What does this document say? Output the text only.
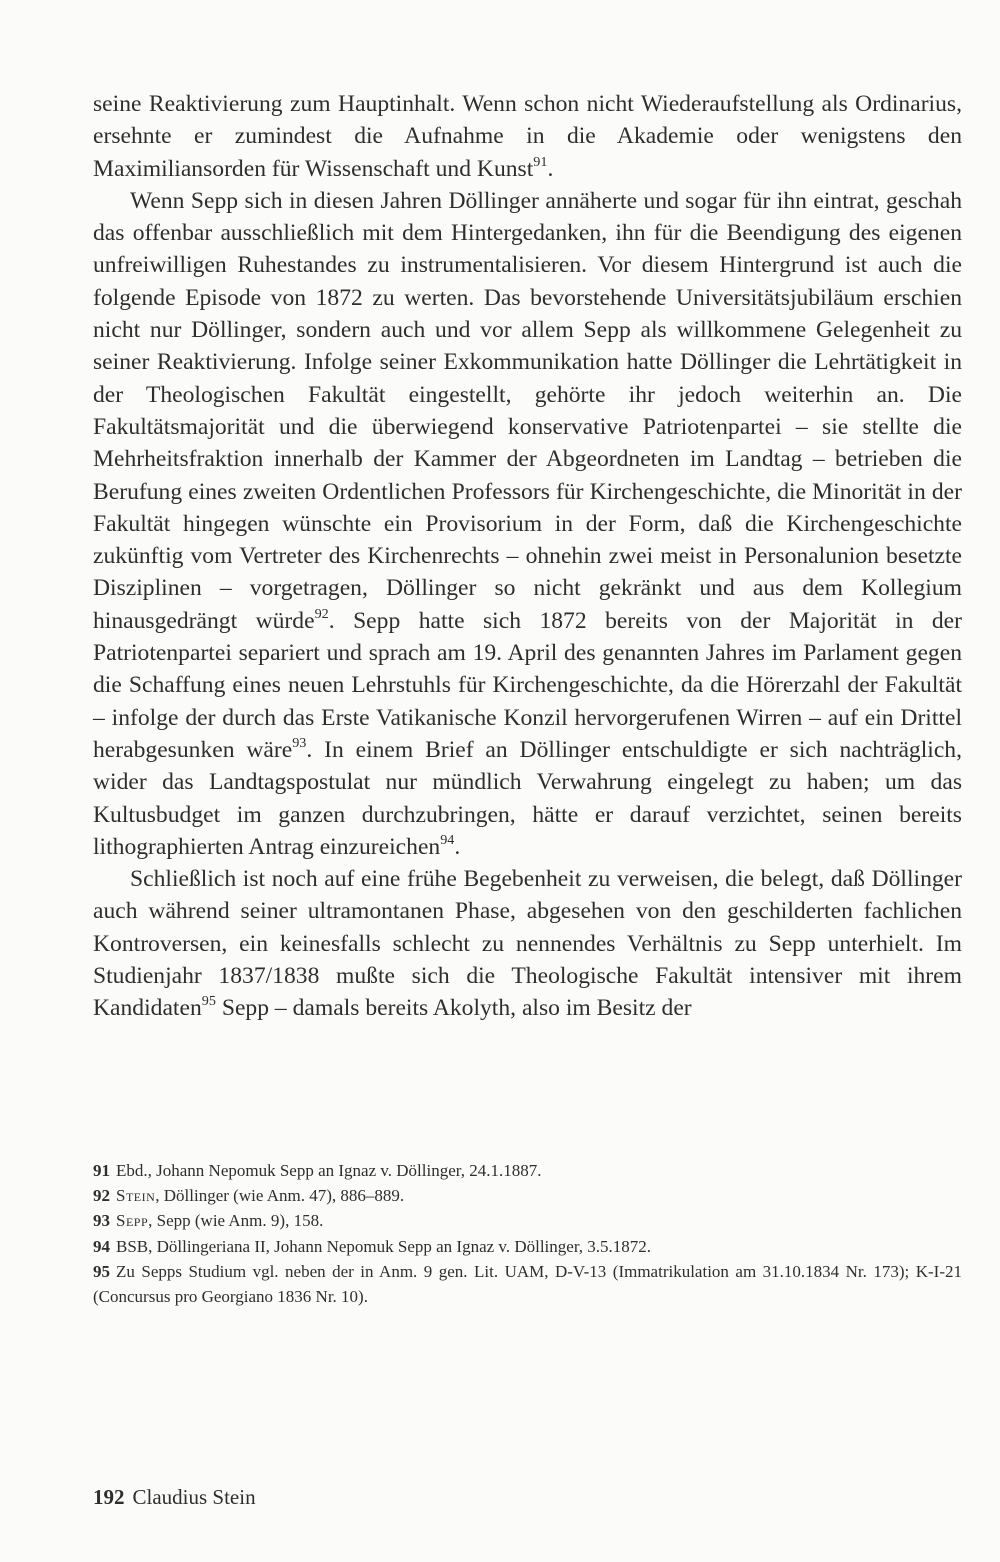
seine Reaktivierung zum Hauptinhalt. Wenn schon nicht Wiederaufstellung als Ordinarius, ersehnte er zumindest die Aufnahme in die Akademie oder wenigstens den Maximiliansorden für Wissenschaft und Kunst$^{91}$.

Wenn Sepp sich in diesen Jahren Döllinger annäherte und sogar für ihn eintrat, geschah das offenbar ausschließlich mit dem Hintergedanken, ihn für die Beendigung des eigenen unfreiwilligen Ruhestandes zu instrumentalisieren. Vor diesem Hintergrund ist auch die folgende Episode von 1872 zu werten. Das bevorstehende Universitätsjubiläum erschien nicht nur Döllinger, sondern auch und vor allem Sepp als willkommene Gelegenheit zu seiner Reaktivierung. Infolge seiner Exkommunikation hatte Döllinger die Lehrtätigkeit in der Theologischen Fakultät eingestellt, gehörte ihr jedoch weiterhin an. Die Fakultätsmajorität und die überwiegend konservative Patriotenpartei – sie stellte die Mehrheitsfraktion innerhalb der Kammer der Abgeordneten im Landtag – betrieben die Berufung eines zweiten Ordentlichen Professors für Kirchengeschichte, die Minorität in der Fakultät hingegen wünschte ein Provisorium in der Form, daß die Kirchengeschichte zukünftig vom Vertreter des Kirchenrechts – ohnehin zwei meist in Personalunion besetzte Disziplinen – vorgetragen, Döllinger so nicht gekränkt und aus dem Kollegium hinausgedrängt würde$^{92}$. Sepp hatte sich 1872 bereits von der Majorität in der Patriotenpartei separiert und sprach am 19. April des genannten Jahres im Parlament gegen die Schaffung eines neuen Lehrstuhls für Kirchengeschichte, da die Hörerzahl der Fakultät – infolge der durch das Erste Vatikanische Konzil hervorgerufenen Wirren – auf ein Drittel herabgesunken wäre$^{93}$. In einem Brief an Döllinger entschuldigte er sich nachträglich, wider das Landtagspostulat nur mündlich Verwahrung eingelegt zu haben; um das Kultusbudget im ganzen durchzubringen, hätte er darauf verzichtet, seinen bereits lithographierten Antrag einzureichen$^{94}$.

Schließlich ist noch auf eine frühe Begebenheit zu verweisen, die belegt, daß Döllinger auch während seiner ultramontanen Phase, abgesehen von den geschilderten fachlichen Kontroversen, ein keinesfalls schlecht zu nennendes Verhältnis zu Sepp unterhielt. Im Studienjahr 1837/1838 mußte sich die Theologische Fakultät intensiver mit ihrem Kandidaten$^{95}$ Sepp – damals bereits Akolyth, also im Besitz der

91 Ebd., Johann Nepomuk Sepp an Ignaz v. Döllinger, 24.1.1887.

92 Stein, Döllinger (wie Anm. 47), 886–889.

93 Sepp, Sepp (wie Anm. 9), 158.

94 BSB, Döllingeriana II, Johann Nepomuk Sepp an Ignaz v. Döllinger, 3.5.1872.

95 Zu Sepps Studium vgl. neben der in Anm. 9 gen. Lit. UAM, D-V-13 (Immatrikulation am 31.10.1834 Nr. 173); K-I-21 (Concursus pro Georgiano 1836 Nr. 10).

192 Claudius Stein
